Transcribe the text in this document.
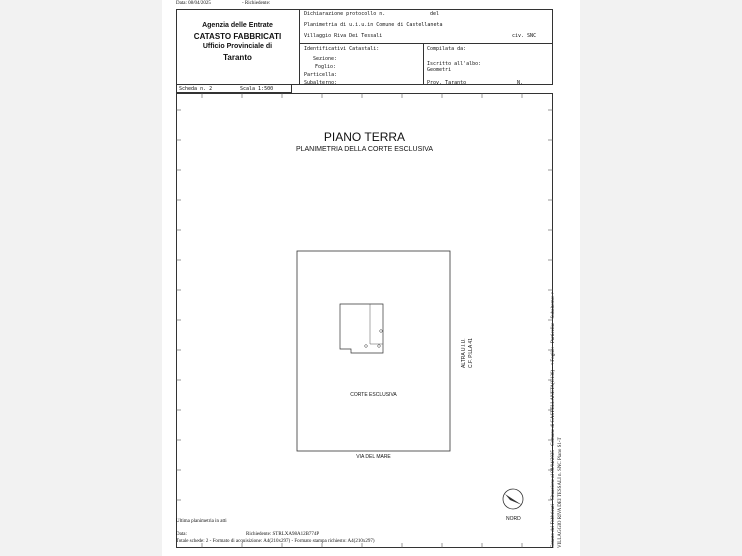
Data: 08/04/2025	- Richiedente:
Agenzia delle Entrate
CATASTO FABBRICATI
Ufficio Provinciale di
Taranto
Dichiarazione protocollo n.	del
Planimetria di u.i.u.in Comune di Castellaneta
Villaggio Riva Dei Tessali	civ. SNC
Identificativi Catastali:
Sezione:
Foglio:
Particella:
Subalterno:
Compilata da:
Iscritto all'albo:
Geometri
Prov. Taranto	N.
Scheda n. 2	Scala 1:500
PIANO TERRA
PLANIMETRIA DELLA CORTE ESCLUSIVA
CORTE ESCLUSIVA
VIA DEL MARE
ALTRA U.I.U. C.F. P.LLA 41
NORD	Catasto dei Fabbricati - Situazione al 08/04/2025 - Comune di CASTELLANETA(C136) - < Foglio: - Particella: - Subalterno: > VILLAGGIO RIVA DEI TESSALI n. SNC Piano S1-T
Ultima planimetria in atti
Data:	Richiedente: STRLXA98A12B774P
Totale schede: 2 - Formato di acquisizione: A4(210x297) - Formato stampa richiesto: A4(210x297)
